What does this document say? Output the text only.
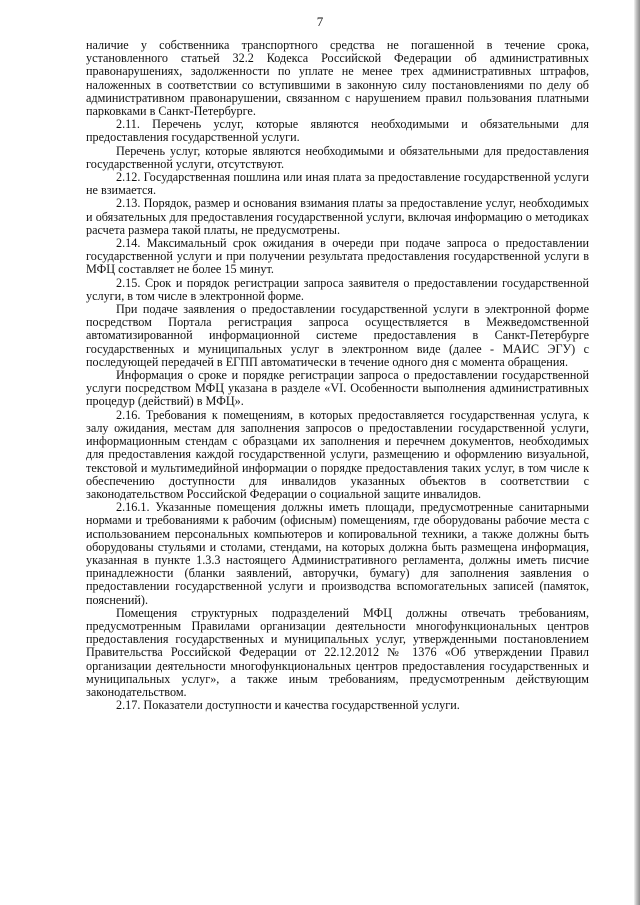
7

наличие у собственника транспортного средства не погашенной в течение срока, установленного статьей 32.2 Кодекса Российской Федерации об административных правонарушениях, задолженности по уплате не менее трех административных штрафов, наложенных в соответствии со вступившими в законную силу постановлениями по делу об административном правонарушении, связанном с нарушением правил пользования платными парковками в Санкт-Петербурге.

2.11. Перечень услуг, которые являются необходимыми и обязательными для предоставления государственной услуги.

Перечень услуг, которые являются необходимыми и обязательными для предоставления государственной услуги, отсутствуют.

2.12. Государственная пошлина или иная плата за предоставление государственной услуги не взимается.

2.13. Порядок, размер и основания взимания платы за предоставление услуг, необходимых и обязательных для предоставления государственной услуги, включая информацию о методиках расчета размера такой платы, не предусмотрены.

2.14. Максимальный срок ожидания в очереди при подаче запроса о предоставлении государственной услуги и при получении результата предоставления государственной услуги в МФЦ составляет не более 15 минут.

2.15. Срок и порядок регистрации запроса заявителя о предоставлении государственной услуги, в том числе в электронной форме.

При подаче заявления о предоставлении государственной услуги в электронной форме посредством Портала регистрация запроса осуществляется в Межведомственной автоматизированной информационной системе предоставления в Санкт-Петербурге государственных и муниципальных услуг в электронном виде (далее - МАИС ЭГУ) с последующей передачей в ЕГПП автоматически в течение одного дня с момента обращения.

Информация о сроке и порядке регистрации запроса о предоставлении государственной услуги посредством МФЦ указана в разделе «VI. Особенности выполнения административных процедур (действий) в МФЦ».

2.16. Требования к помещениям, в которых предоставляется государственная услуга, к залу ожидания, местам для заполнения запросов о предоставлении государственной услуги, информационным стендам с образцами их заполнения и перечнем документов, необходимых для предоставления каждой государственной услуги, размещению и оформлению визуальной, текстовой и мультимедийной информации о порядке предоставления таких услуг, в том числе к обеспечению доступности для инвалидов указанных объектов в соответствии с законодательством Российской Федерации о социальной защите инвалидов.

2.16.1. Указанные помещения должны иметь площади, предусмотренные санитарными нормами и требованиями к рабочим (офисным) помещениям, где оборудованы рабочие места с использованием персональных компьютеров и копировальной техники, а также должны быть оборудованы стульями и столами, стендами, на которых должна быть размещена информация, указанная в пункте 1.3.3 настоящего Административного регламента, должны иметь писчие принадлежности (бланки заявлений, авторучки, бумагу) для заполнения заявления о предоставлении государственной услуги и производства вспомогательных записей (памяток, пояснений).

Помещения структурных подразделений МФЦ должны отвечать требованиям, предусмотренным Правилами организации деятельности многофункциональных центров предоставления государственных и муниципальных услуг, утвержденными постановлением Правительства Российской Федерации от 22.12.2012 № 1376 «Об утверждении Правил организации деятельности многофункциональных центров предоставления государственных и муниципальных услуг», а также иным требованиям, предусмотренным действующим законодательством.

2.17. Показатели доступности и качества государственной услуги.
